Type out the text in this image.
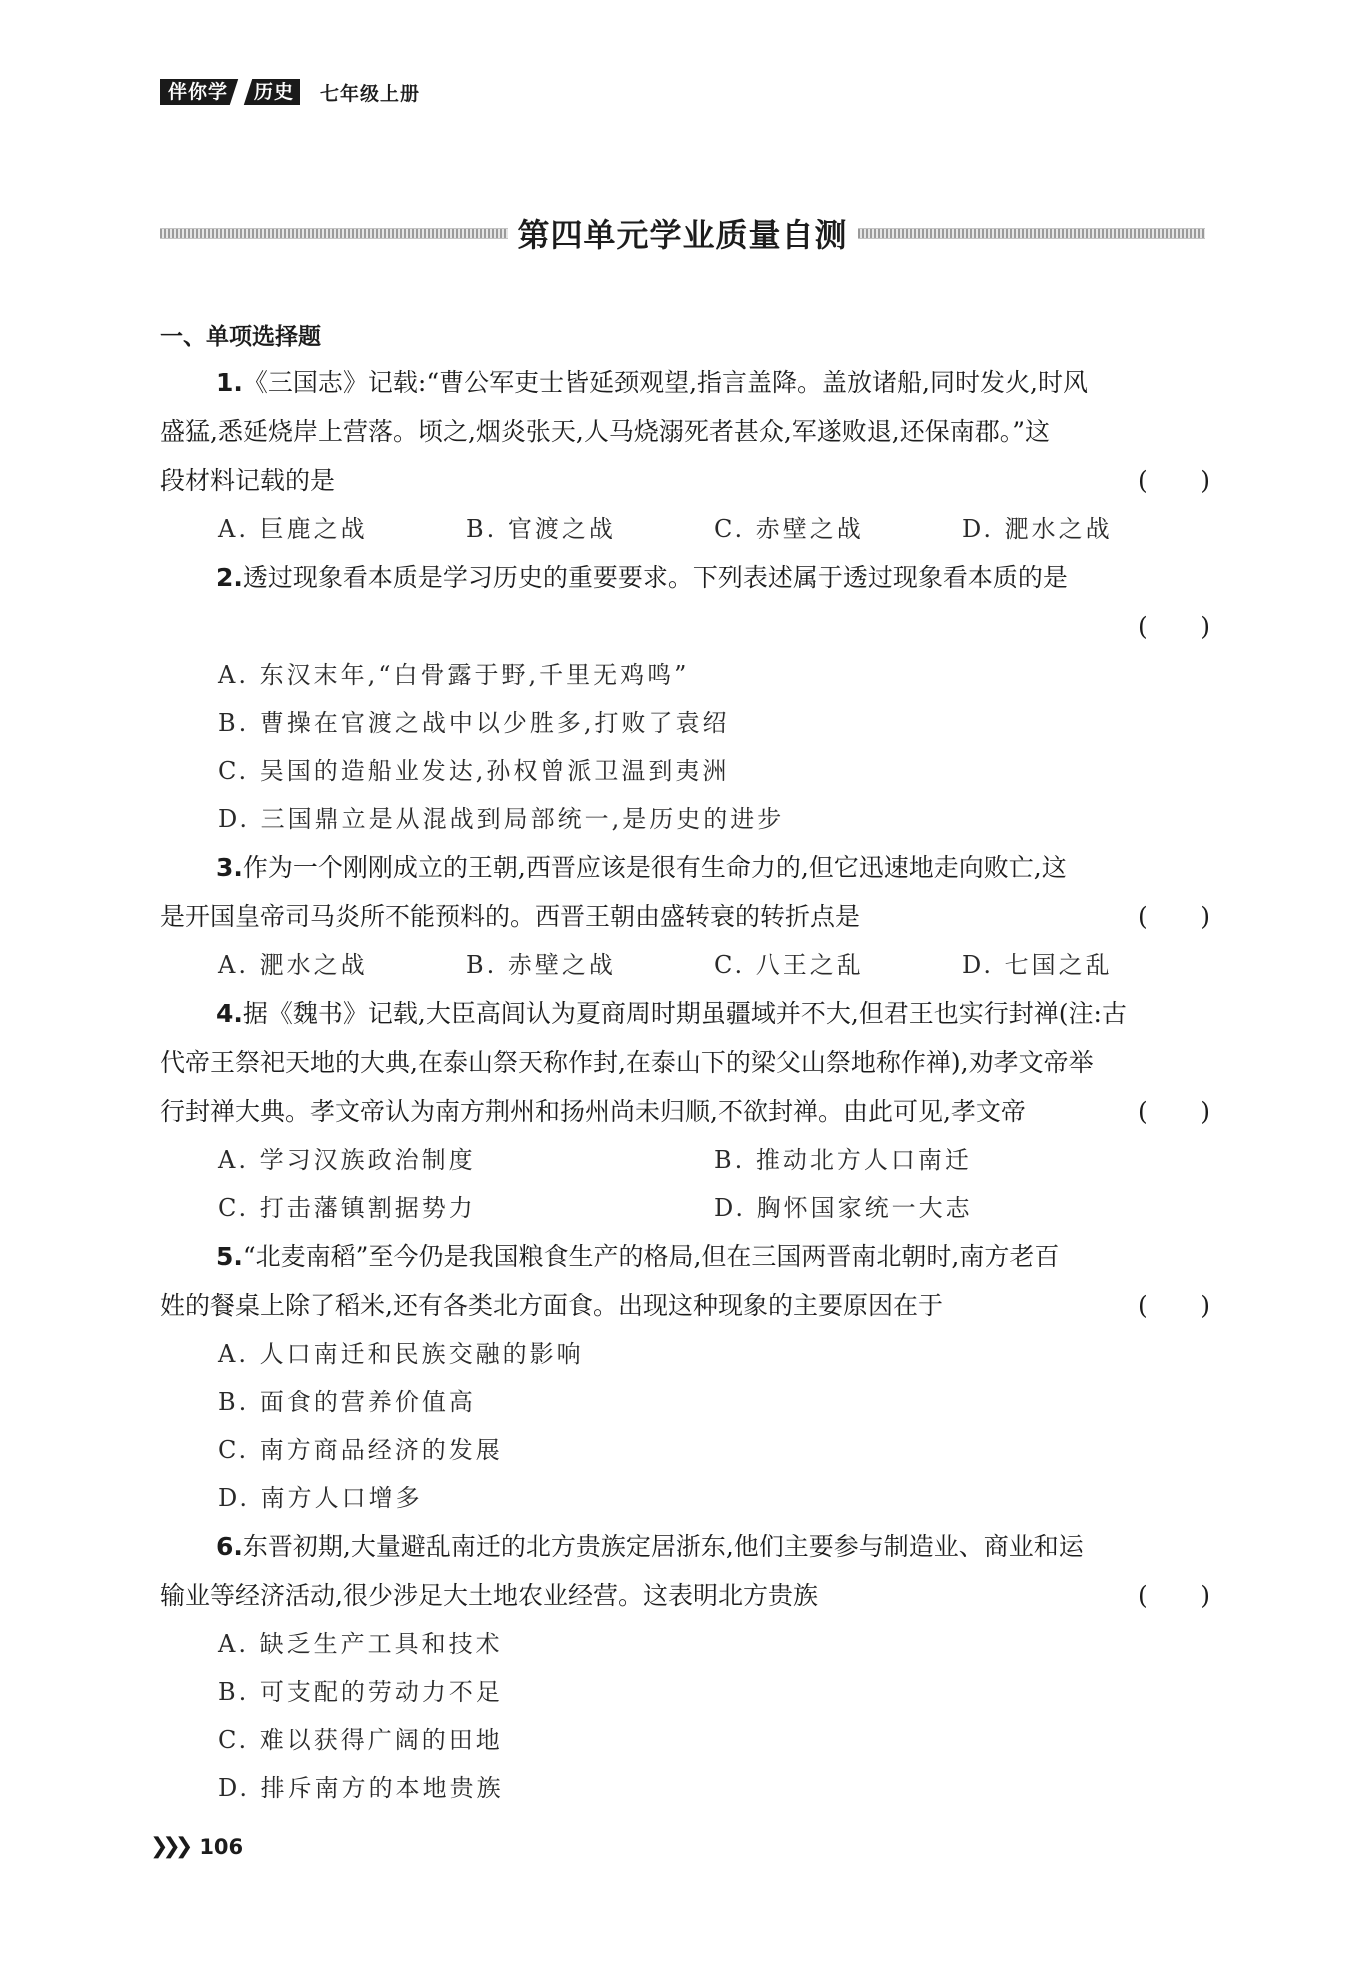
伴你学 历史 七年级上册
第四单元学业质量自测
一、单项选择题
1.《三国志》记载:“曹公军吏士皆延颈观望,指言盖降。盖放诸船,同时发火,时风
盛猛,悉延烧岸上营落。顷之,烟炎张天,人马烧溺死者甚众,军遂败退,还保南郡。”这
段材料记载的是	( )
A. 巨鹿之战	B. 官渡之战	C. 赤壁之战	D. 淝水之战
2.透过现象看本质是学习历史的重要要求。下列表述属于透过现象看本质的是
( )
A. 东汉末年,“白骨露于野,千里无鸡鸣”
B. 曹操在官渡之战中以少胜多,打败了袁绍
C. 吴国的造船业发达,孙权曾派卫温到夷洲
D. 三国鼎立是从混战到局部统一,是历史的进步
3.作为一个刚刚成立的王朝,西晋应该是很有生命力的,但它迅速地走向败亡,这
是开国皇帝司马炎所不能预料的。西晋王朝由盛转衰的转折点是	( )
A. 淝水之战	B. 赤壁之战	C. 八王之乱	D. 七国之乱
4.据《魏书》记载,大臣高闾认为夏商周时期虽疆域并不大,但君王也实行封禅(注:古
代帝王祭祀天地的大典,在泰山祭天称作封,在泰山下的梁父山祭地称作禅),劝孝文帝举
行封禅大典。孝文帝认为南方荆州和扬州尚未归顺,不欲封禅。由此可见,孝文帝	( )
A. 学习汉族政治制度	B. 推动北方人口南迁
C. 打击藩镇割据势力	D. 胸怀国家统一大志
5.“北麦南稻”至今仍是我国粮食生产的格局,但在三国两晋南北朝时,南方老百
姓的餐桌上除了稻米,还有各类北方面食。出现这种现象的主要原因在于	( )
A. 人口南迁和民族交融的影响
B. 面食的营养价值高
C. 南方商品经济的发展
D. 南方人口增多
6.东晋初期,大量避乱南迁的北方贵族定居浙东,他们主要参与制造业、商业和运
输业等经济活动,很少涉足大土地农业经营。这表明北方贵族	( )
A. 缺乏生产工具和技术
B. 可支配的劳动力不足
C. 难以获得广阔的田地
D. 排斥南方的本地贵族
❯❯❯ 106
